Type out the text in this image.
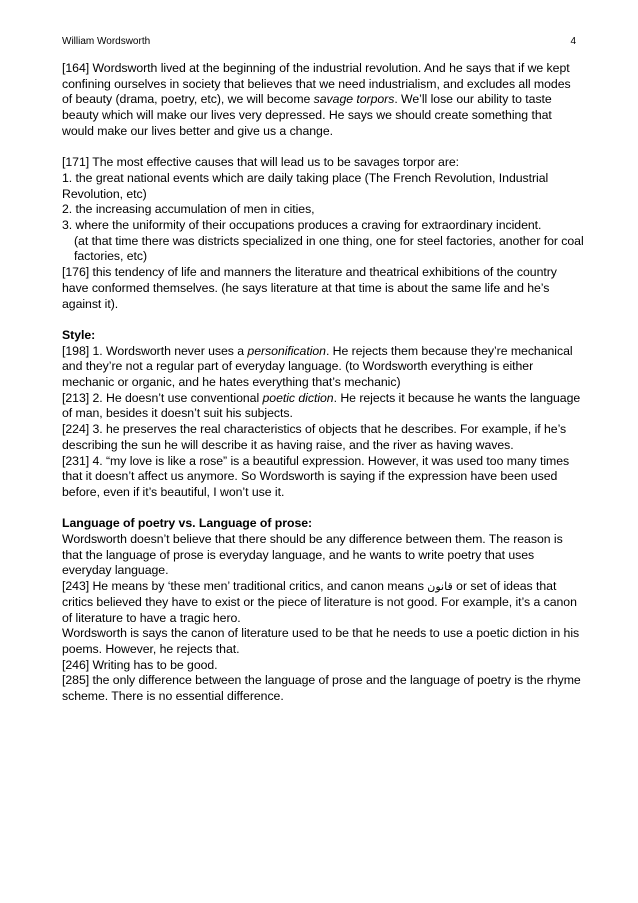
William Wordsworth	4

[164] Wordsworth lived at the beginning of the industrial revolution. And he says that if we kept confining ourselves in society that believes that we need industrialism, and excludes all modes of beauty (drama, poetry, etc), we will become savage torpors. We’ll lose our ability to taste beauty which will make our lives very depressed. He says we should create something that would make our lives better and give us a change.

[171] The most effective causes that will lead us to be savages torpor are:

1. the great national events which are daily taking place (The French Revolution, Industrial Revolution, etc)

2. the increasing accumulation of men in cities,

3. where the uniformity of their occupations produces a craving for extraordinary incident.

(at that time there was districts specialized in one thing, one for steel factories, another for coal factories, etc)

[176] this tendency of life and manners the literature and theatrical exhibitions of the country have conformed themselves. (he says literature at that time is about the same life and he’s against it).

Style:

[198] 1. Wordsworth never uses a personification. He rejects them because they’re mechanical and they’re not a regular part of everyday language. (to Wordsworth everything is either mechanic or organic, and he hates everything that’s mechanic)

[213] 2. He doesn’t use conventional poetic diction. He rejects it because he wants the language of man, besides it doesn’t suit his subjects.

[224] 3. he preserves the real characteristics of objects that he describes. For example, if he’s describing the sun he will describe it as having raise, and the river as having waves.

[231] 4. “my love is like a rose” is a beautiful expression. However, it was used too many times that it doesn’t affect us anymore. So Wordsworth is saying if the expression have been used before, even if it’s beautiful, I won’t use it.

Language of poetry vs. Language of prose:

Wordsworth doesn’t believe that there should be any difference between them. The reason is that the language of prose is everyday language, and he wants to write poetry that uses everyday language.

[243] He means by ‘these men’ traditional critics, and canon means قانون or set of ideas that critics believed they have to exist or the piece of literature is not good. For example, it’s a canon of literature to have a tragic hero.

Wordsworth is says the canon of literature used to be that he needs to use a poetic diction in his poems. However, he rejects that.

[246] Writing has to be good.

[285] the only difference between the language of prose and the language of poetry is the rhyme scheme. There is no essential difference.
